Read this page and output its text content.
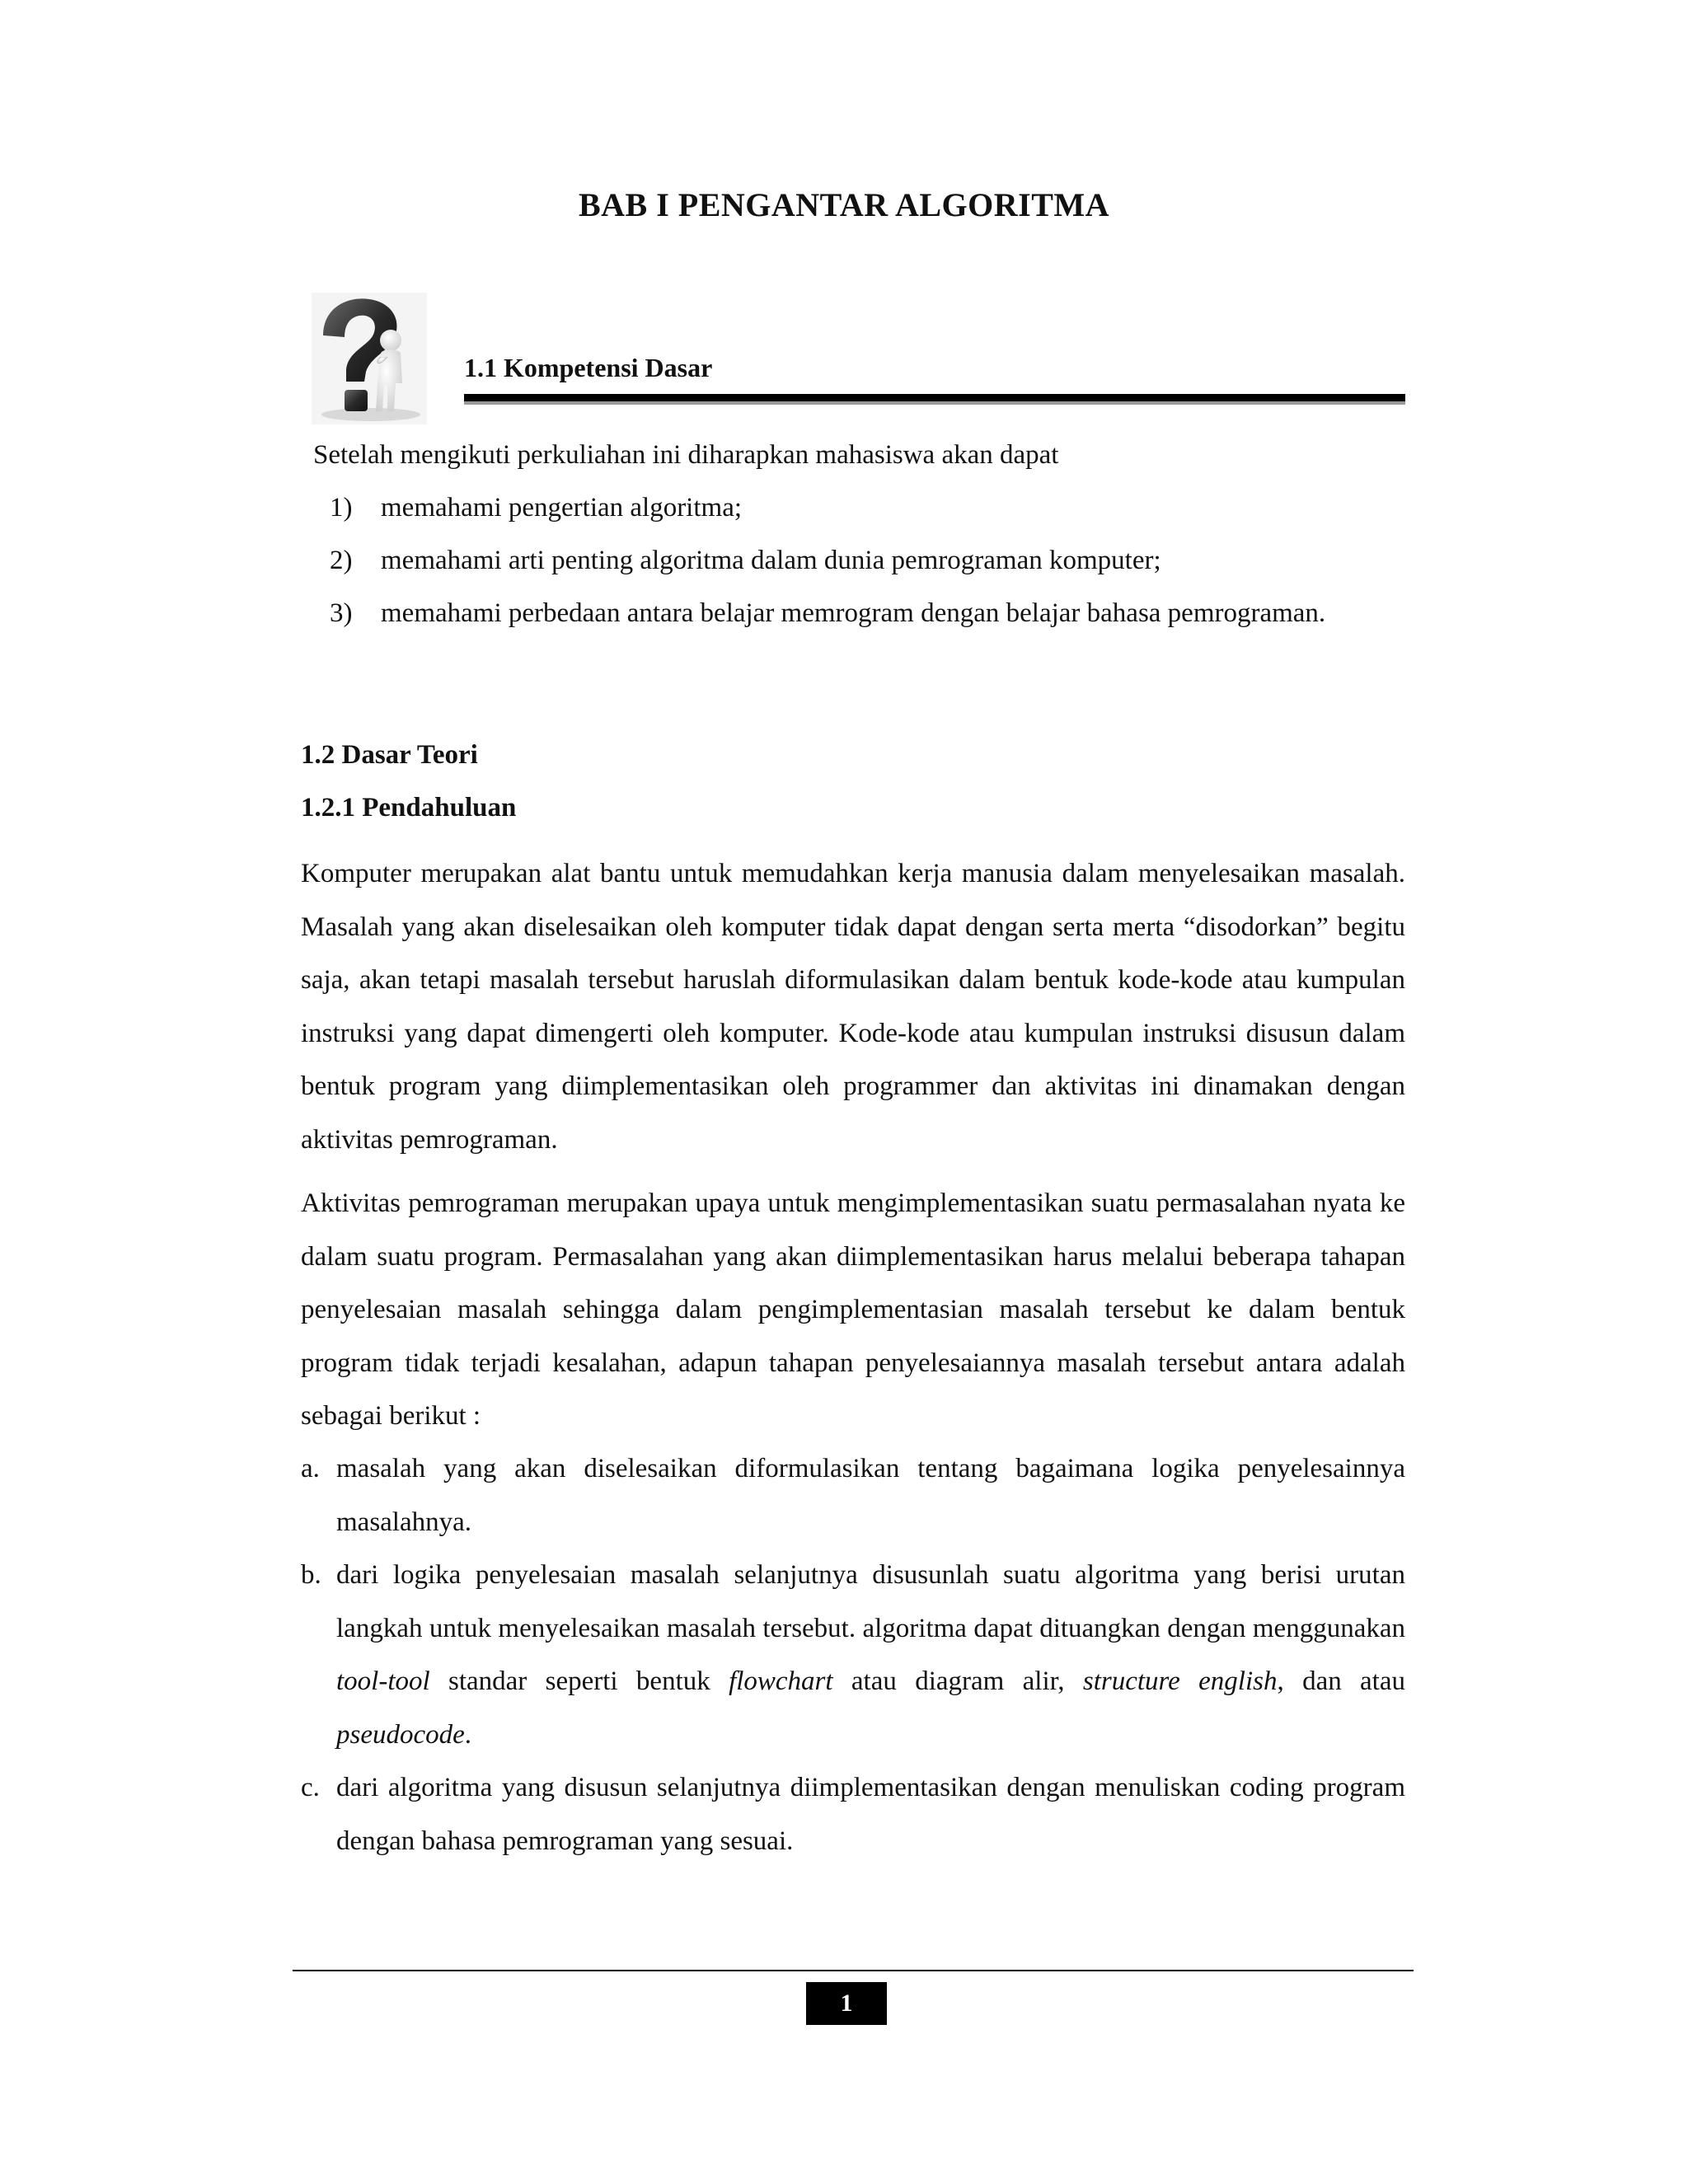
BAB I PENGANTAR ALGORITMA
1.1 Kompetensi Dasar
Setelah mengikuti perkuliahan ini diharapkan mahasiswa akan dapat
1) memahami pengertian algoritma;
2) memahami arti penting algoritma dalam dunia pemrograman komputer;
3) memahami perbedaan antara belajar memrogram dengan belajar bahasa pemrograman.
1.2 Dasar Teori
1.2.1 Pendahuluan

Komputer merupakan alat bantu untuk memudahkan kerja manusia dalam menyelesaikan masalah. Masalah yang akan diselesaikan oleh komputer tidak dapat dengan serta merta “disodorkan” begitu saja, akan tetapi masalah tersebut haruslah diformulasikan dalam bentuk kode-kode atau kumpulan instruksi yang dapat dimengerti oleh komputer. Kode-kode atau kumpulan instruksi disusun dalam bentuk program yang diimplementasikan oleh programmer dan aktivitas ini dinamakan dengan aktivitas pemrograman.

Aktivitas pemrograman merupakan upaya untuk mengimplementasikan suatu permasalahan nyata ke dalam suatu program. Permasalahan yang akan diimplementasikan harus melalui beberapa tahapan penyelesaian masalah sehingga dalam pengimplementasian masalah tersebut ke dalam bentuk program tidak terjadi kesalahan, adapun tahapan penyelesaiannya masalah tersebut antara adalah sebagai berikut :

a. masalah yang akan diselesaikan diformulasikan tentang bagaimana logika penyelesainnya masalahnya.
b. dari logika penyelesaian masalah selanjutnya disusunlah suatu algoritma yang berisi urutan langkah untuk menyelesaikan masalah tersebut. algoritma dapat dituangkan dengan menggunakan tool-tool standar seperti bentuk flowchart atau diagram alir, structure english, dan atau pseudocode.
c. dari algoritma yang disusun selanjutnya diimplementasikan dengan menuliskan coding program dengan bahasa pemrograman yang sesuai.
1
